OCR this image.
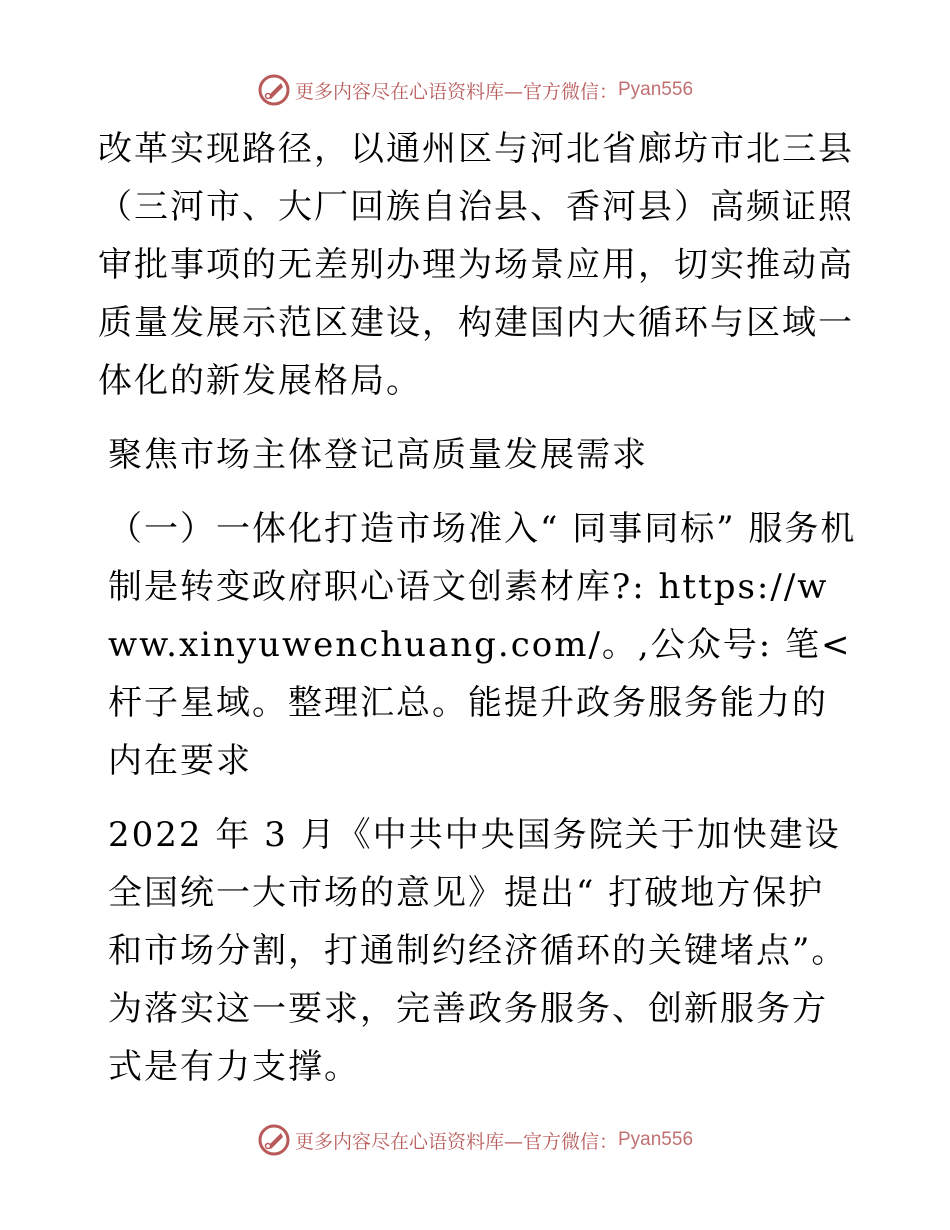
更多内容尽在心语资料库—官方微信： Pyan556

改革实现路径，以通州区与河北省廊坊市北三县（三河市、大厂回族自治县、香河县）高频证照审批事项的无差别办理为场景应用，切实推动高质量发展示范区建设，构建国内大循环与区域一体化的新发展格局。

聚焦市场主体登记高质量发展需求

（一）一体化打造市场准入“ 同事同标” 服务机制是转变政府职心语文创素材库?: https://www.xinyuwenchuang.com/。,公众号: 笔<杆子星域。整理汇总。能提升政务服务能力的内在要求

2022 年 3 月《中共中央国务院关于加快建设全国统一大市场的意见》提出“ 打破地方保护和市场分割，打通制约经济循环的关键堵点”。为落实这一要求，完善政务服务、创新服务方式是有力支撑。

更多内容尽在心语资料库—官方微信： Pyan556
